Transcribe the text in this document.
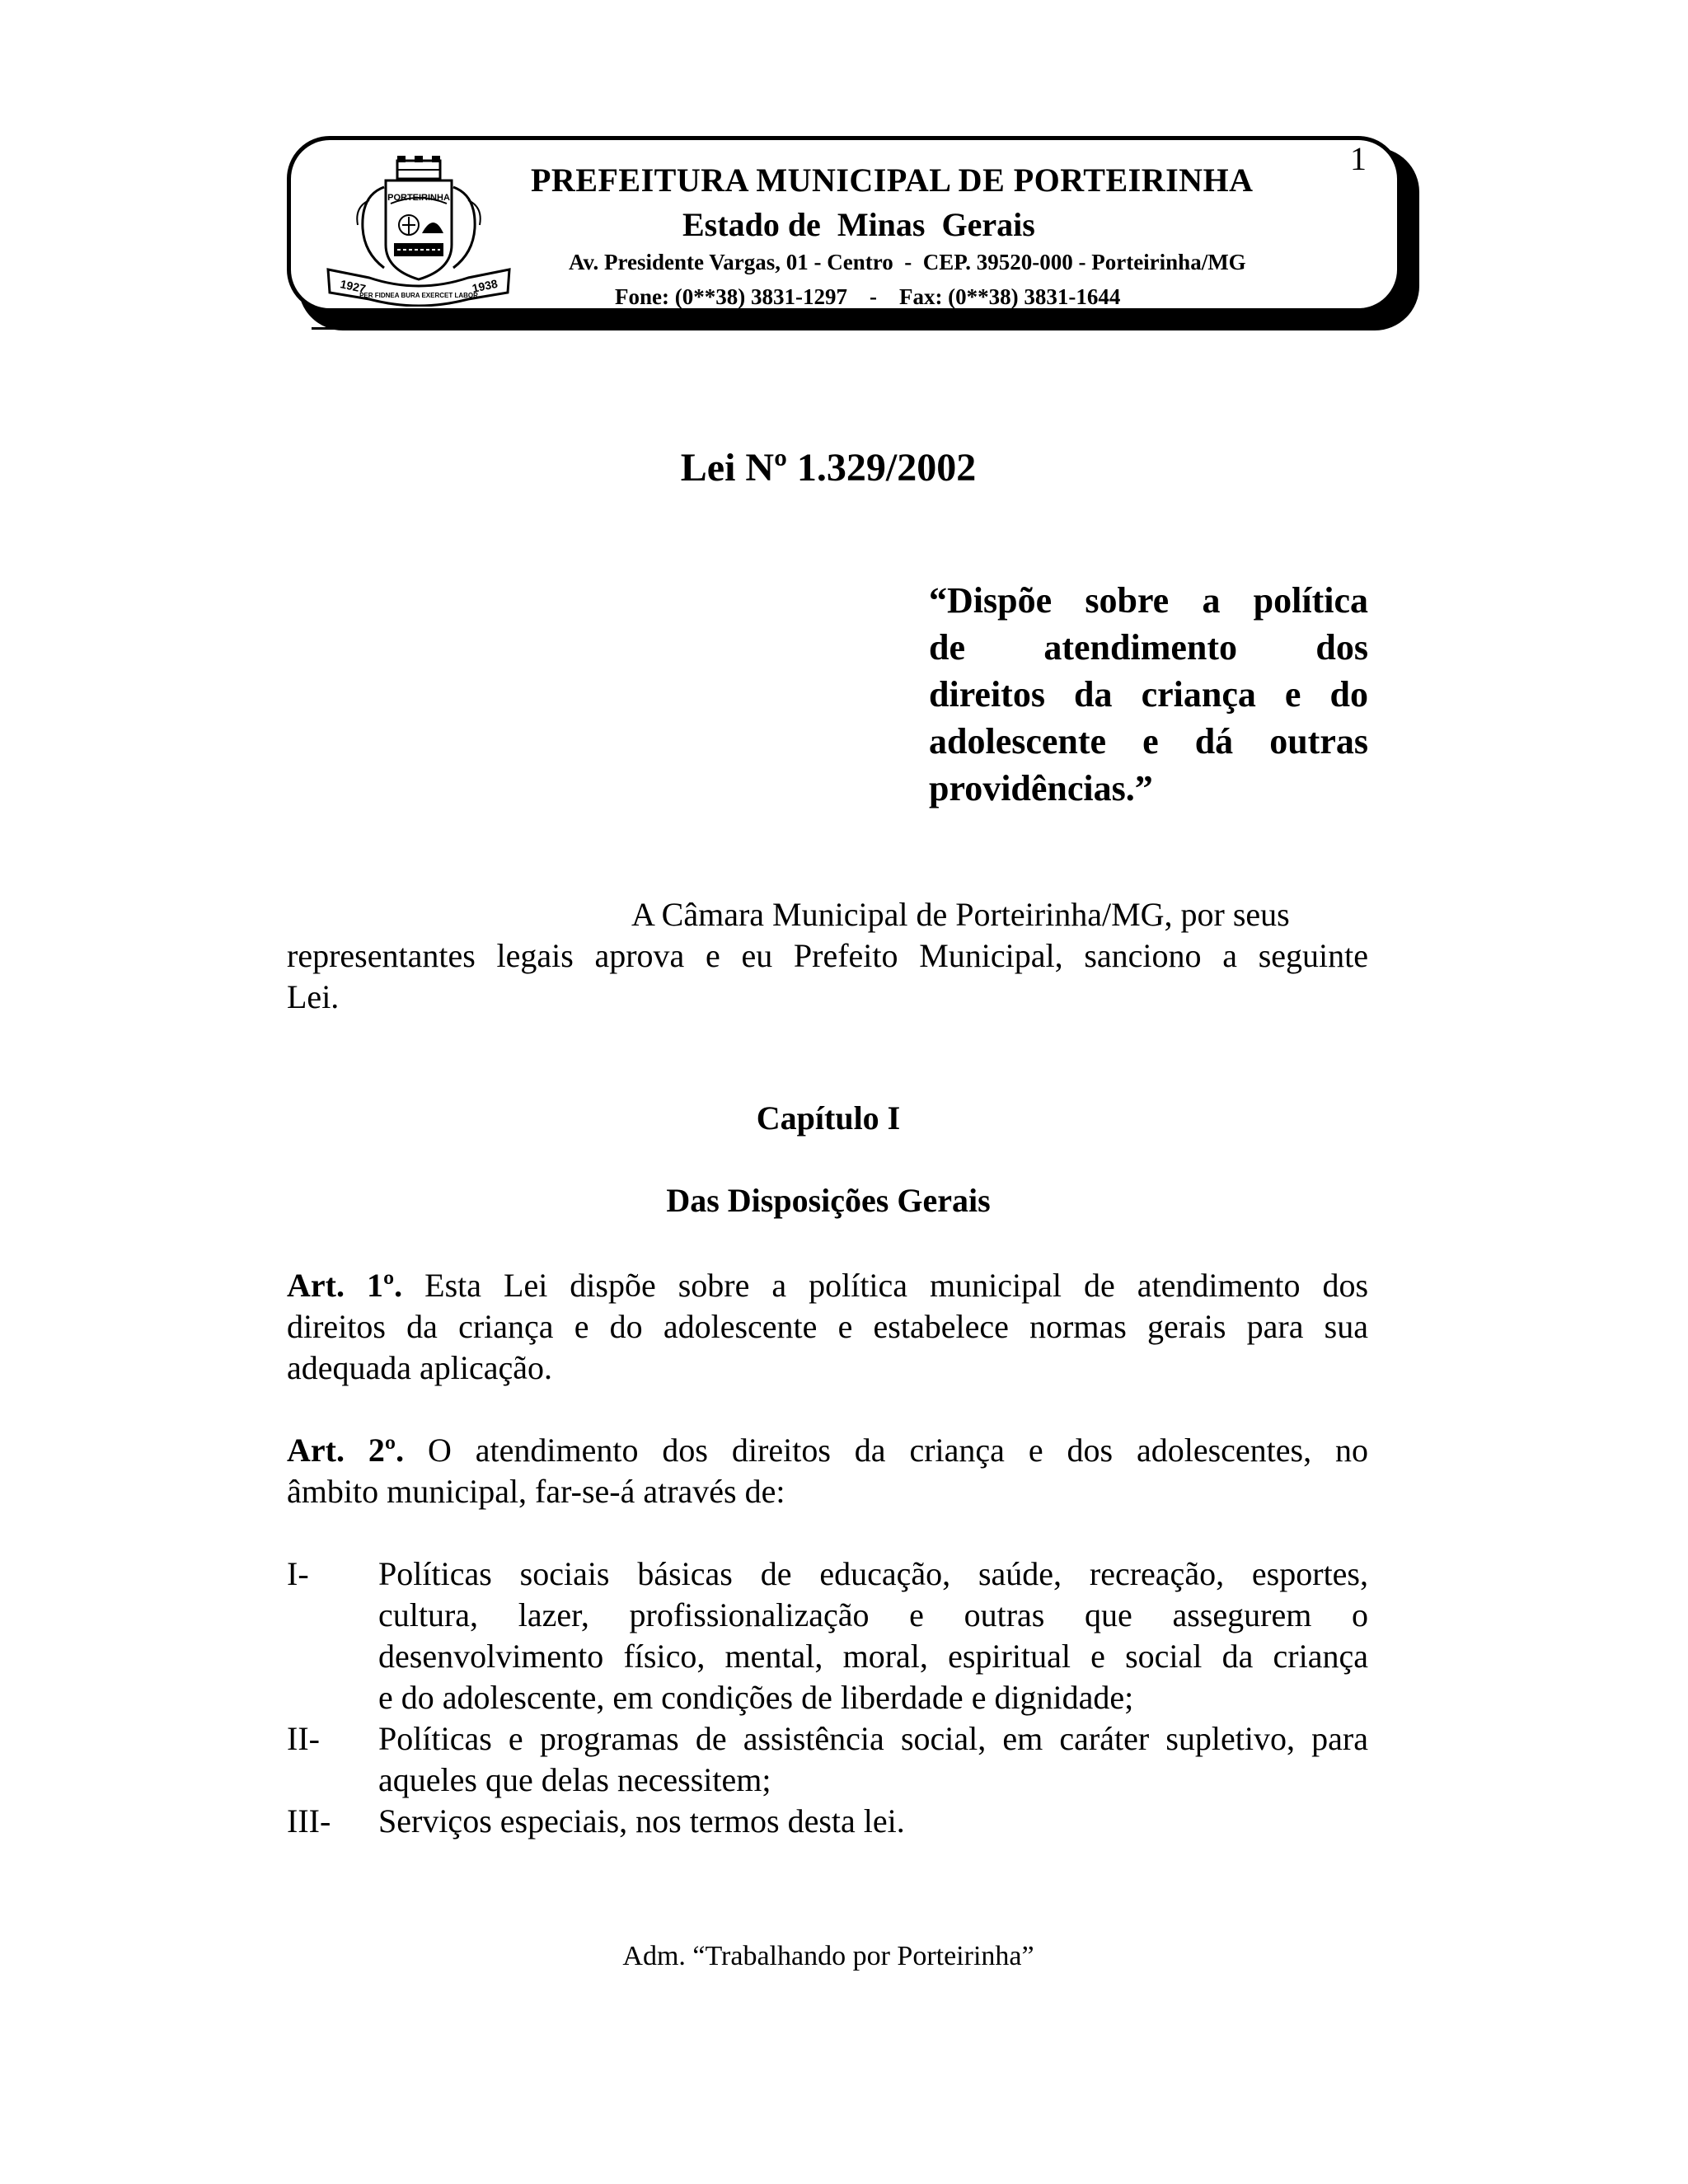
PORTEIRINHA
1927	1938
PER FIDNEA BURA EXERCET LABOR
PREFEITURA MUNICIPAL DE PORTEIRINHA
1
Estado de  Minas  Gerais
Av. Presidente Vargas, 01 - Centro  -  CEP. 39520-000 - Porteirinha/MG
Fone: (0**38) 3831-1297    -    Fax: (0**38) 3831-1644
Lei Nº 1.329/2002
“Dispõe sobre a política
de atendimento dos
direitos da criança e do
adolescente e dá outras
providências.”
A Câmara Municipal de Porteirinha/MG, por seus
representantes legais aprova e eu Prefeito Municipal, sanciono a seguinte
Lei.
Capítulo I
Das Disposições Gerais
Art. 1º. Esta Lei dispõe sobre a política municipal de atendimento dos
direitos da criança e do adolescente e estabelece normas gerais para sua
adequada aplicação.
Art. 2º. O atendimento dos direitos da criança e dos adolescentes, no
âmbito municipal, far-se-á através de:
I- Políticas sociais básicas de educação, saúde, recreação, esportes,
cultura, lazer, profissionalização e outras que assegurem o
desenvolvimento físico, mental, moral, espiritual e social da criança
e do adolescente, em condições de liberdade e dignidade;
II- Políticas e programas de assistência social, em caráter supletivo, para
aqueles que delas necessitem;
III- Serviços especiais, nos termos desta lei.
Adm. “Trabalhando por Porteirinha”
